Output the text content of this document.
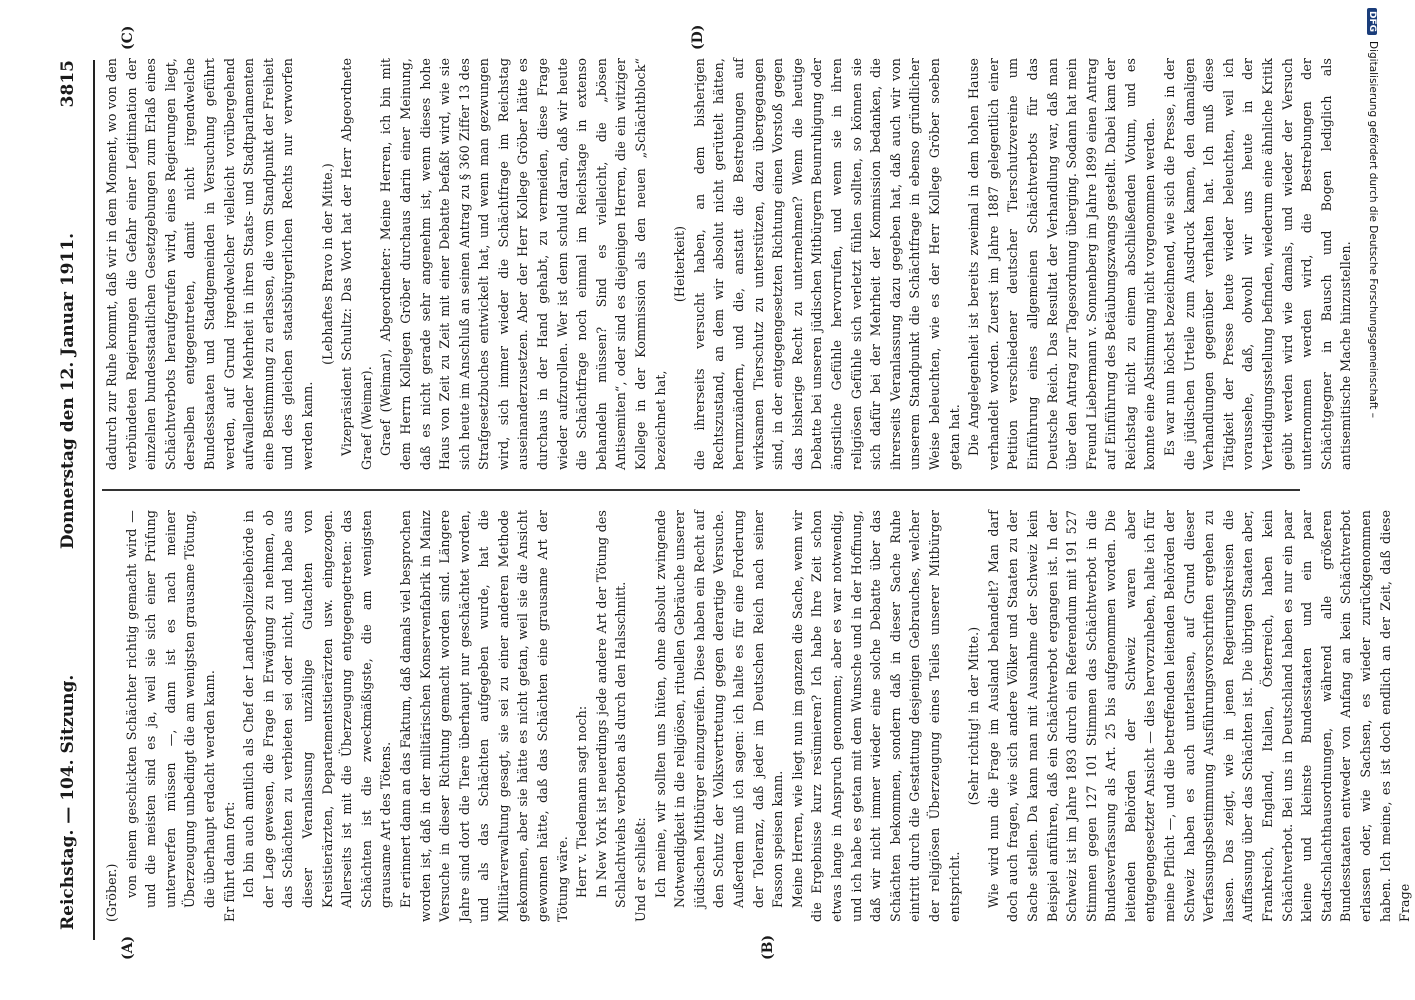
Reichstag. — 104. Sitzung.
Donnerstag den 12. Januar 1911.
3815
(A)	(B)
(C)	(D)

(Gröber.) von einem geschickten Schächter richtig gemacht wird — und die meisten sind es ja, weil sie sich einer Prüfung unterwerfen müssen —, dann ist es nach meiner Überzeugung unbedingt die am wenigsten grausame Tötung, die überhaupt erdacht werden kann. Er führt dann fort: Ich bin auch amtlich als Chef der Landespolizeibehörde in der Lage gewesen, die Frage in Erwägung zu nehmen, ob das Schächten zu verbieten sei oder nicht, und habe aus dieser Veranlassung unzählige Gutachten von Kreistierärzten, Departementstierärzten usw. eingezogen. Allerseits ist mit die Überzeugung entgegengetreten: das Schächten ist die zweckmäßigste, die am wenigsten grausame Art des Tötens. Er erinnert dann an das Faktum, daß damals viel besprochen worden ist, daß in der militärischen Konservenfabrik in Mainz Versuche in dieser Richtung gemacht worden sind. Längere Jahre sind dort die Tiere überhaupt nur geschächtet worden, und als das Schächten aufgegeben wurde, hat die Militärverwaltung gesagt, sie sei zu einer anderen Methode gekommen, aber sie hätte es nicht getan, weil sie die Ansicht gewonnen hätte, daß das Schächten eine grausame Art der Tötung wäre. Herr v. Tiedemann sagt noch: In New York ist neuerdings jede andere Art der Tötung des Schlachtviehs verboten als durch den Halsschnitt. Und er schließt: Ich meine, wir sollten uns hüten, ohne absolut zwingende Notwendigkeit in die religiösen, rituellen Gebräuche unserer jüdischen Mitbürger einzugreifen. Diese haben ein Recht auf den Schutz der Volksvertretung gegen derartige Versuche. Außerdem muß ich sagen: ich halte es für eine Forderung der Toleranz, daß jeder im Deutschen Reich nach seiner Fasson speisen kann. Meine Herren, wie liegt nun im ganzen die Sache, wenn wir die Ergebnisse kurz resümieren? Ich habe Ihre Zeit schon etwas lange in Anspruch genommen; aber es war notwendig, und ich habe es getan mit dem Wunsche und in der Hoffnung, daß wir nicht immer wieder eine solche Debatte über das Schächten bekommen, sondern daß in dieser Sache Ruhe eintritt durch die Gestattung desjenigen Gebrauches, welcher der religiösen Überzeugung eines Teiles unserer Mitbürger entspricht.

(Sehr richtig! in der Mitte.) Wie wird nun die Frage im Ausland behandelt? Man darf doch auch fragen, wie sich andere Völker und Staaten zu der Sache stellen. Da kann man mit Ausnahme der Schweiz kein Beispiel anführen, daß ein Schächtverbot ergangen ist. In der Schweiz ist im Jahre 1893 durch ein Referendum mit 191 527 Stimmen gegen 127 101 Stimmen das Schächtverbot in die Bundesverfassung als Art. 25 bis aufgenommen worden. Die leitenden Behörden der Schweiz waren aber entgegengesetzter Ansicht — dies hervorzuheben, halte ich für meine Pflicht —, und die betreffenden leitenden Behörden der Schweiz haben es auch unterlassen, auf Grund dieser Verfassungsbestimmung Ausführungsvorschriften ergehen zu lassen. Das zeigt, wie in jenen Regierungskreisen die Auffassung über das Schächten ist. Die übrigen Staaten aber, Frankreich, England, Italien, Österreich, haben kein Schächtverbot. Bei uns in Deutschland haben es nur ein paar kleine und kleinste Bundesstaaten und ein paar Stadtschlachthausordnungen, während alle größeren Bundesstaaten entweder von Anfang an kein Schächtverbot erlassen oder, wie Sachsen, es wieder zurückgenommen haben. Ich meine, es ist doch endlich an der Zeit, daß diese Frage

dadurch zur Ruhe kommt, daß wir in dem Moment, wo von den verbündeten Regierungen die Gefahr einer Legitimation der einzelnen bundesstaatlichen Gesetzgebungen zum Erlaß eines Schächtverbots heraufgerufen wird, eines Regierungen liegt, derselben entgegentreten, damit nicht irgendwelche Bundesstaaten und Stadtgemeinden in Versuchung geführt werden, auf Grund irgendwelcher vielleicht vorübergehend aufwallender Mehrheit in ihren Staats- und Stadtparlamenten eine Bestimmung zu erlassen, die vom Standpunkt der Freiheit und des gleichen staatsbürgerlichen Rechts nur verworfen werden kann.

(Lebhaftes Bravo in der Mitte.) Vizepräsident Schultz: Das Wort hat der Herr Abgeordnete Graef (Weimar). Graef (Weimar), Abgeordneter: Meine Herren, ich bin mit dem Herrn Kollegen Gröber durchaus darin einer Meinung, daß es nicht gerade sehr angenehm ist, wenn dieses hohe Haus von Zeit zu Zeit mit einer Debatte befaßt wird, wie sie sich heute im Anschluß an seinen Antrag zu § 360 Ziffer 13 des Strafgesetzbuches entwickelt hat, und wenn man gezwungen wird, sich immer wieder die Schächtfrage im Reichstag auseinanderzusetzen. Aber der Herr Kollege Gröber hätte es durchaus in der Hand gehabt, zu vermeiden, diese Frage wieder aufzurollen. Wer ist denn schuld daran, daß wir heute die Schächtfrage noch einmal im Reichstage in extenso behandeln müssen? Sind es vielleicht, die „bösen Antisemiten“, oder sind es diejenigen Herren, die ein witziger Kollege in der Kommission als den neuen „Schächtblock“ bezeichnet hat,

(Heiterkeit) die ihrerseits versucht haben, an dem bisherigen Rechtszustand, an dem wir absolut nicht gerüttelt hätten, herumzuändern, und die, anstatt die Bestrebungen auf wirksamen Tierschutz zu unterstützen, dazu übergegangen sind, in der entgegengesetzten Richtung einen Vorstoß gegen das bisherige Recht zu unternehmen? Wenn die heutige Debatte bei unseren jüdischen Mitbürgern Beunruhigung oder ängstliche Gefühle hervorrufen, und wenn sie in ihren religiösen Gefühle sich verletzt fühlen sollten, so können sie sich dafür bei der Mehrheit der Kommission bedanken, die ihrerseits Veranlassung dazu gegeben hat, daß auch wir von unserem Standpunkt die Schächtfrage in ebenso gründlicher Weise beleuchten, wie es der Herr Kollege Gröber soeben getan hat. Die Angelegenheit ist bereits zweimal in dem hohen Hause verhandelt worden. Zuerst im Jahre 1887 gelegentlich einer Petition verschiedener deutscher Tierschutzvereine um Einführung eines allgemeinen Schächtverbots für das Deutsche Reich. Das Resultat der Verhandlung war, daß man über den Antrag zur Tagesordnung überging. Sodann hat mein Freund Liebermann v. Sonnenberg im Jahre 1899 einen Antrag auf Einführung des Betäubungszwangs gestellt. Dabei kam der Reichstag nicht zu einem abschließenden Votum, und es konnte eine Abstimmung nicht vorgenommen werden. Es war nun höchst bezeichnend, wie sich die Presse, in der die jüdischen Urteile zum Ausdruck kamen, den damaligen Verhandlungen gegenüber verhalten hat. Ich muß diese Tätigkeit der Presse heute wieder beleuchten, weil ich voraussehe, daß, obwohl wir uns heute in der Verteidigungsstellung befinden, wiederum eine ähnliche Kritik geübt werden wird wie damals, und wieder der Versuch unternommen werden wird, die Bestrebungen der Schächtgegner in Bausch und Bogen lediglich als antisemitische Mache hinzustellen.

DFGDigitalisierung gefördert durch die Deutsche Forschungsgemeinschaft –
